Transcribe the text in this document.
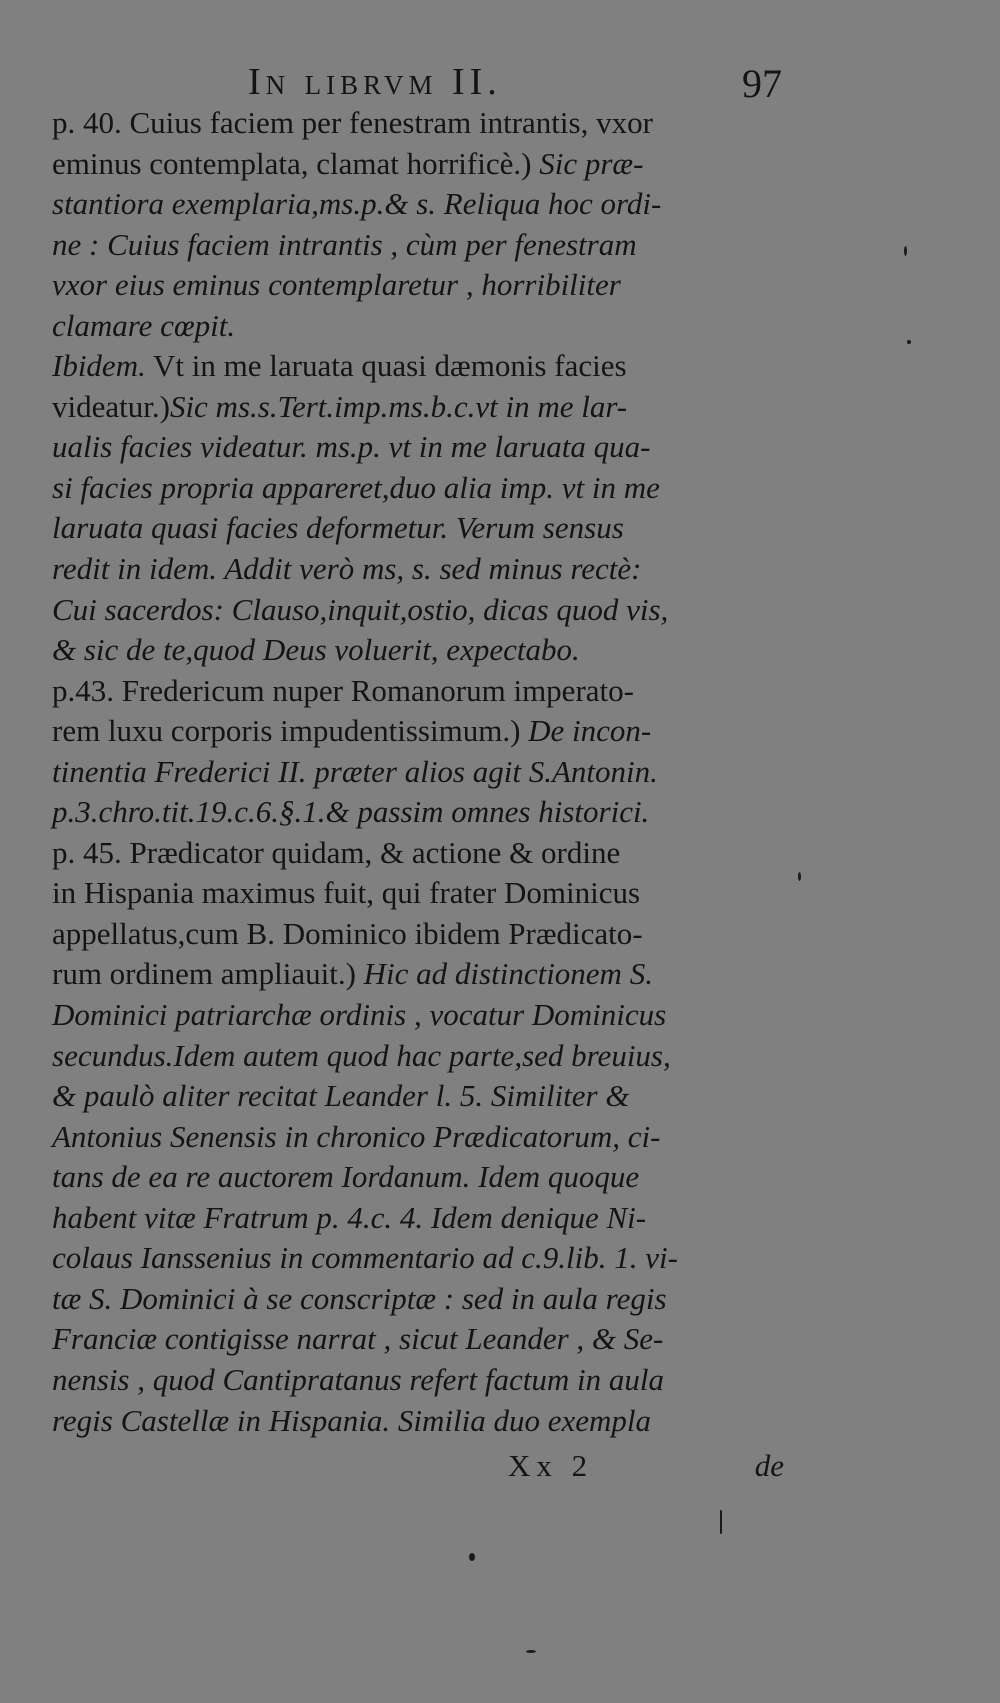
In librvm II.	97
p. 40. Cuius faciem per fenestram intrantis, vxor
eminus contemplata, clamat horrificè.) Sic præ-
stantiora exemplaria,ms.p.& s. Reliqua hoc ordi-
ne : Cuius faciem intrantis , cùm per fenestram
vxor eius eminus contemplaretur , horribiliter
clamare cœpit.
Ibidem. Vt in me laruata quasi dæmonis facies
videatur.)Sic ms.s.Tert.imp.ms.b.c.vt in me lar-
ualis facies videatur. ms.p. vt in me laruata qua-
si facies propria appareret,duo alia imp. vt in me
laruata quasi facies deformetur. Verum sensus
redit in idem. Addit verò ms, s. sed minus rectè:
Cui sacerdos: Clauso,inquit,ostio, dicas quod vis,
& sic de te,quod Deus voluerit, expectabo.
p.43. Fredericum nuper Romanorum imperato-
rem luxu corporis impudentissimum.) De incon-
tinentia Frederici II. præter alios agit S.Antonin.
p.3.chro.tit.19.c.6.§.1.& passim omnes historici.
p. 45. Prædicator quidam, & actione & ordine
in Hispania maximus fuit, qui frater Dominicus
appellatus,cum B. Dominico ibidem Prædicato-
rum ordinem ampliauit.) Hic ad distinctionem S.
Dominici patriarchæ ordinis , vocatur Dominicus
secundus.Idem autem quod hac parte,sed breuius,
& paulò aliter recitat Leander l. 5. Similiter &
Antonius Senensis in chronico Prædicatorum, ci-
tans de ea re auctorem Iordanum. Idem quoque
habent vitæ Fratrum p. 4.c. 4. Idem denique Ni-
colaus Ianssenius in commentario ad c.9.lib. 1. vi-
tæ S. Dominici à se conscriptæ : sed in aula regis
Franciæ contigisse narrat , sicut Leander , & Se-
nensis , quod Cantipratanus refert factum in aula
regis Castellæ in Hispania. Similia duo exempla
Xx 2	de
